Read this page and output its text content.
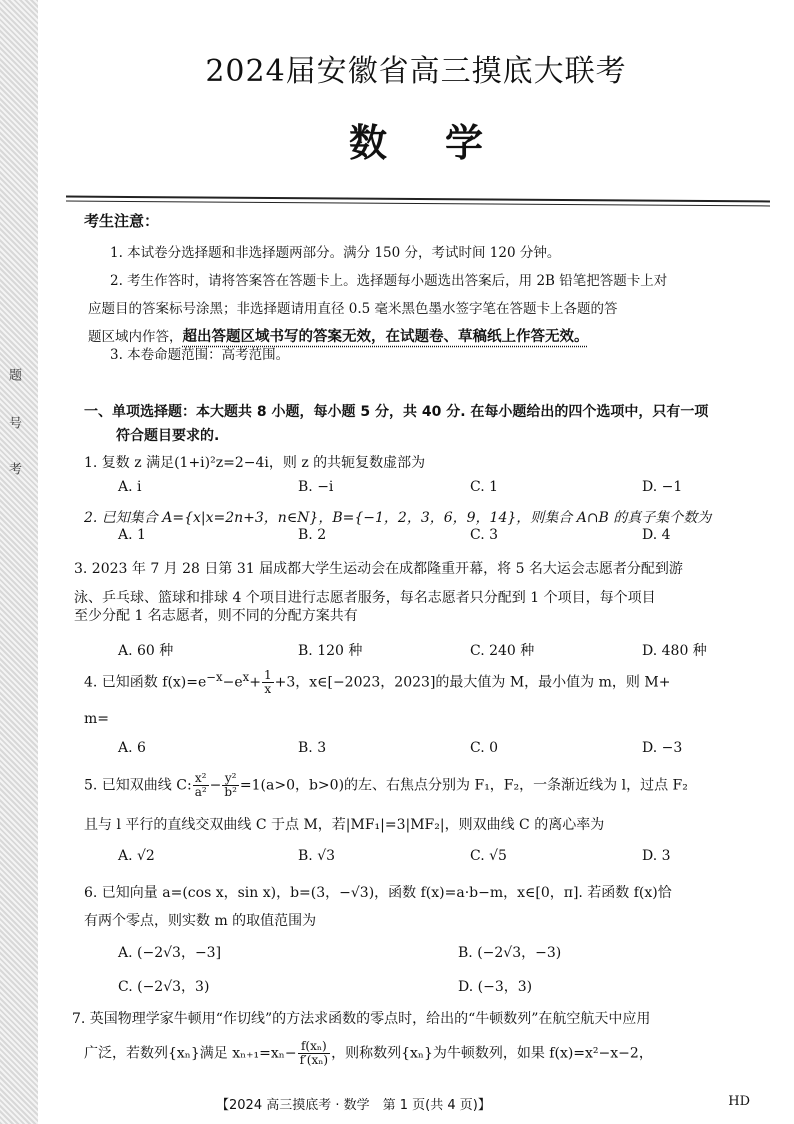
题
号
考
2024届安徽省高三摸底大联考
数学
考生注意：
1. 本试卷分选择题和非选择题两部分。满分 150 分，考试时间 120 分钟。
2. 考生作答时，请将答案答在答题卡上。选择题每小题选出答案后，用 2B 铅笔把答题卡上对
应题目的答案标号涂黑；非选择题请用直径 0.5 毫米黑色墨水签字笔在答题卡上各题的答
题区域内作答，超出答题区域书写的答案无效，在试题卷、草稿纸上作答无效。
3. 本卷命题范围：高考范围。
一、单项选择题：本大题共 8 小题，每小题 5 分，共 40 分. 在每小题给出的四个选项中，只有一项
符合题目要求的.
1. 复数 z 满足(1+i)²z=2−4i，则 z 的共轭复数虚部为
A. i	B. −i	C. 1	D. −1
2. 已知集合 A={x|x=2n+3，n∈N}，B={−1，2，3，6，9，14}，则集合 A∩B 的真子集个数为
A. 1	B. 2	C. 3	D. 4
3. 2023 年 7 月 28 日第 31 届成都大学生运动会在成都隆重开幕，将 5 名大运会志愿者分配到游
泳、乒乓球、篮球和排球 4 个项目进行志愿者服务，每名志愿者只分配到 1 个项目，每个项目
至少分配 1 名志愿者，则不同的分配方案共有
A. 60 种	B. 120 种	C. 240 种	D. 480 种
4. 已知函数 $f(x)=e^{-x}-e^x+ \frac{1}{x} +3$，x∈[−2023，2023]的最大值为 M，最小值为 m，则 M+
m=
A. 6	B. 3	C. 0	D. −3
5. 已知双曲线 C: $\frac{\text{x²}}{\text{a²}} - \frac{\text{y²}}{\text{b²}} =1(a>0$，b>0)的左、右焦点分别为 F₁，F₂，一条渐近线为 l，过点 F₂
且与 l 平行的直线交双曲线 C 于点 M，若|MF₁|=3|MF₂|，则双曲线 C 的离心率为
A. √2	B. √3	C. √5	D. 3
6. 已知向量 a=(cos x，sin x)，b=(3，−√3)，函数 f(x)=a·b−m，x∈[0，π]. 若函数 f(x)恰
有两个零点，则实数 m 的取值范围为
A. (−2√3，−3]	B. (−2√3，−3)
C. (−2√3，3)	D. (−3，3)
7. 英国物理学家牛顿用“作切线”的方法求函数的零点时，给出的“牛顿数列”在航空航天中应用
广泛，若数列{xₙ}满足 $x_{n+1}=x_n- \frac{\text{f(xₙ)}}{\text{f′(xₙ)}}$ ，则称数列{xₙ}为牛顿数列，如果 f(x)=x²−x−2，
【2024 高三摸底考 · 数学　第 1 页(共 4 页)】	HD
